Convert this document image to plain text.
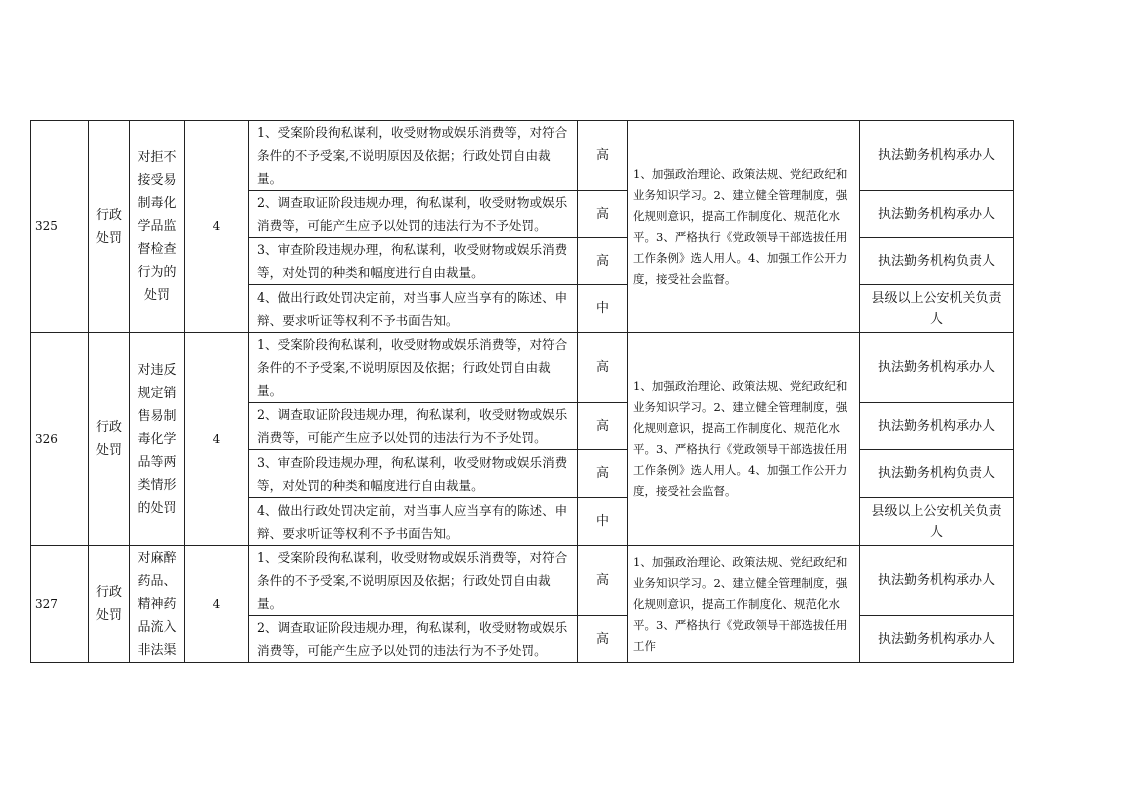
325	行政处罚	对拒不接受易制毒化学品监督检查行为的处罚	4	1、受案阶段徇私谋利，收受财物或娱乐消费等，对符合条件的不予受案,不说明原因及依据；行政处罚自由裁量。	高	1、加强政治理论、政策法规、党纪政纪和业务知识学习。2、建立健全管理制度，强化规则意识，提高工作制度化、规范化水平。3、严格执行《党政领导干部选拔任用工作条例》选人用人。4、加强工作公开力度，接受社会监督。	执法勤务机构承办人
				2、调查取证阶段违规办理，徇私谋利，收受财物或娱乐消费等，可能产生应予以处罚的违法行为不予处罚。	高		执法勤务机构承办人
				3、审查阶段违规办理，徇私谋利，收受财物或娱乐消费等，对处罚的种类和幅度进行自由裁量。	高		执法勤务机构负责人
				4、做出行政处罚决定前，对当事人应当享有的陈述、申辩、要求听证等权利不予书面告知。	中		县级以上公安机关负责人
326	行政处罚	对违反规定销售易制毒化学品等两类情形的处罚	4	1、受案阶段徇私谋利，收受财物或娱乐消费等，对符合条件的不予受案,不说明原因及依据；行政处罚自由裁量。	高	1、加强政治理论、政策法规、党纪政纪和业务知识学习。2、建立健全管理制度，强化规则意识，提高工作制度化、规范化水平。3、严格执行《党政领导干部选拔任用工作条例》选人用人。4、加强工作公开力度，接受社会监督。	执法勤务机构承办人
				2、调查取证阶段违规办理，徇私谋利，收受财物或娱乐消费等，可能产生应予以处罚的违法行为不予处罚。	高		执法勤务机构承办人
				3、审查阶段违规办理，徇私谋利，收受财物或娱乐消费等，对处罚的种类和幅度进行自由裁量。	高		执法勤务机构负责人
				4、做出行政处罚决定前，对当事人应当享有的陈述、申辩、要求听证等权利不予书面告知。	中		县级以上公安机关负责人
327	行政处罚	对麻醉药品、精神药品流入非法渠	4	1、受案阶段徇私谋利，收受财物或娱乐消费等，对符合条件的不予受案,不说明原因及依据；行政处罚自由裁量。	高	1、加强政治理论、政策法规、党纪政纪和业务知识学习。2、建立健全管理制度，强化规则意识，提高工作制度化、规范化水平。3、严格执行《党政领导干部选拔任用工作	执法勤务机构承办人
				2、调查取证阶段违规办理，徇私谋利，收受财物或娱乐消费等，可能产生应予以处罚的违法行为不予处罚。	高		执法勤务机构承办人
